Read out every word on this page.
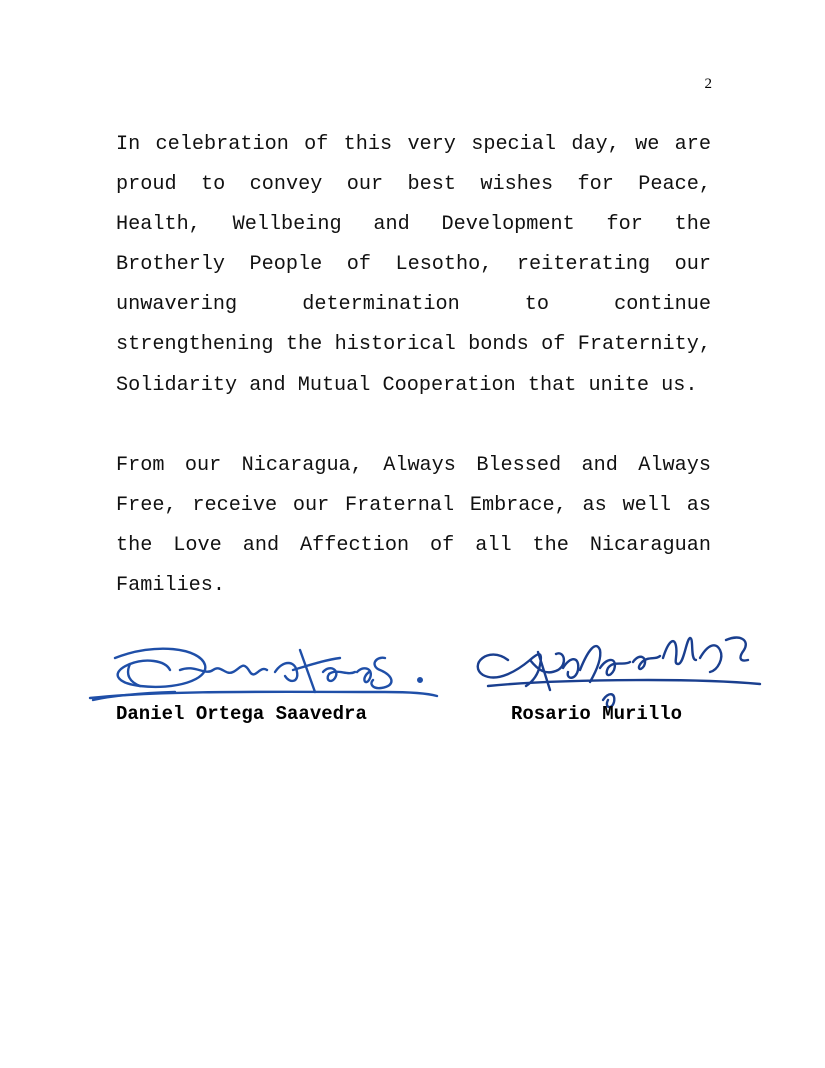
2

In celebration of this very special day, we are proud to convey our best wishes for Peace, Health, Wellbeing and Development for the Brotherly People of Lesotho, reiterating our unwavering determination to continue strengthening the historical bonds of Fraternity, Solidarity and Mutual Cooperation that unite us.

From our Nicaragua, Always Blessed and Always Free, receive our Fraternal Embrace, as well as the Love and Affection of all the Nicaraguan Families.

Daniel Ortega Saavedra	Rosario Murillo
